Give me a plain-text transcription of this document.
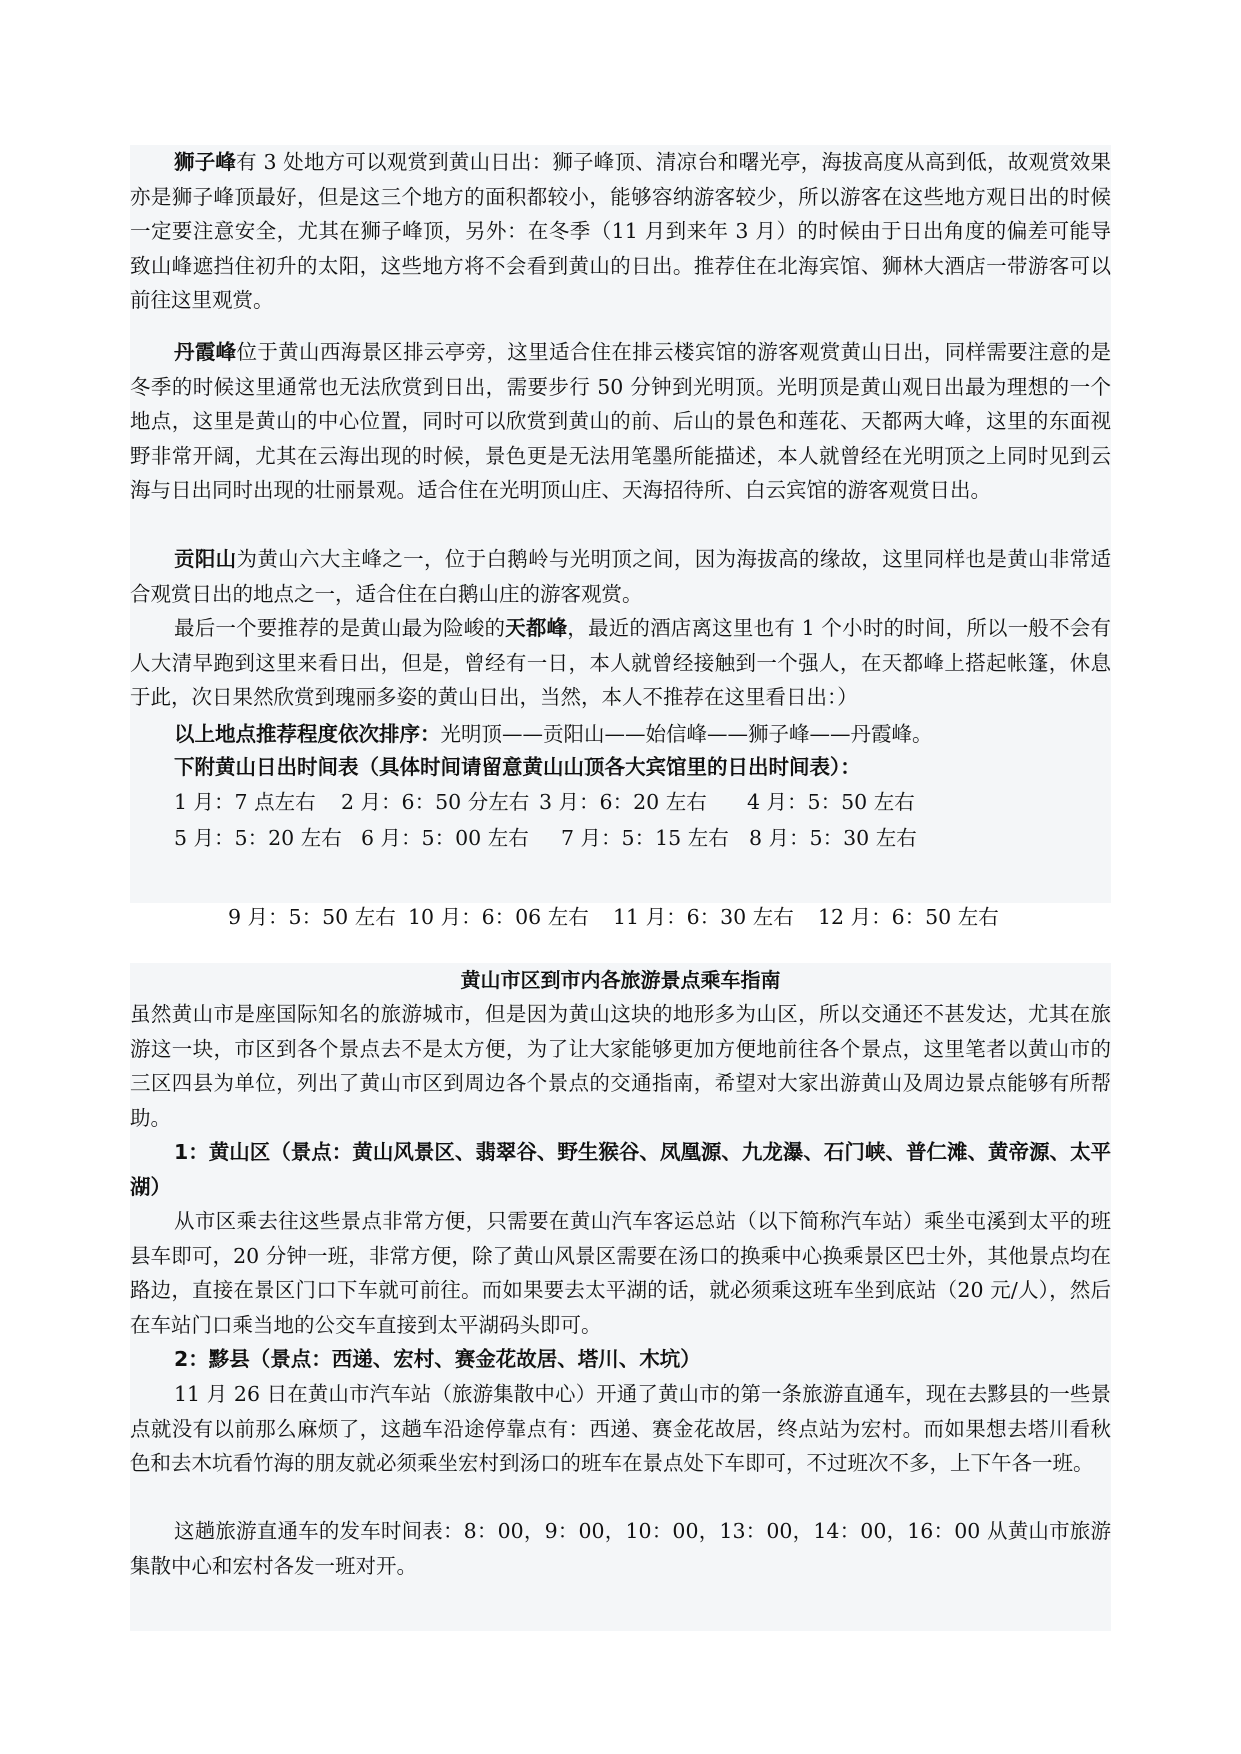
狮子峰有 3 处地方可以观赏到黄山日出：狮子峰顶、清凉台和曙光亭，海拔高度从高到低，故观赏效果亦是狮子峰顶最好，但是这三个地方的面积都较小，能够容纳游客较少，所以游客在这些地方观日出的时候一定要注意安全，尤其在狮子峰顶，另外：在冬季（11 月到来年 3 月）的时候由于日出角度的偏差可能导致山峰遮挡住初升的太阳，这些地方将不会看到黄山的日出。推荐住在北海宾馆、狮林大酒店一带游客可以前往这里观赏。

丹霞峰位于黄山西海景区排云亭旁，这里适合住在排云楼宾馆的游客观赏黄山日出，同样需要注意的是冬季的时候这里通常也无法欣赏到日出，需要步行 50 分钟到光明顶。光明顶是黄山观日出最为理想的一个地点，这里是黄山的中心位置，同时可以欣赏到黄山的前、后山的景色和莲花、天都两大峰，这里的东面视野非常开阔，尤其在云海出现的时候，景色更是无法用笔墨所能描述，本人就曾经在光明顶之上同时见到云海与日出同时出现的壮丽景观。适合住在光明顶山庄、天海招待所、白云宾馆的游客观赏日出。

贡阳山为黄山六大主峰之一，位于白鹅岭与光明顶之间，因为海拔高的缘故，这里同样也是黄山非常适合观赏日出的地点之一，适合住在白鹅山庄的游客观赏。

最后一个要推荐的是黄山最为险峻的天都峰，最近的酒店离这里也有 1 个小时的时间，所以一般不会有人大清早跑到这里来看日出，但是，曾经有一日，本人就曾经接触到一个强人，在天都峰上搭起帐篷，休息于此，次日果然欣赏到瑰丽多姿的黄山日出，当然，本人不推荐在这里看日出：）

以上地点推荐程度依次排序：光明顶——贡阳山——始信峰——狮子峰——丹霞峰。

下附黄山日出时间表（具体时间请留意黄山山顶各大宾馆里的日出时间表）：

1 月：7 点左右 2 月：6：50 分左右 3 月：6：20 左右 4 月：5：50 左右
5 月：5：20 左右 6 月：5：00 左右 7 月：5：15 左右 8 月：5：30 左右
9 月：5：50 左右 10 月：6：06 左右 11 月：6：30 左右 12 月：6：50 左右
黄山市区到市内各旅游景点乘车指南

虽然黄山市是座国际知名的旅游城市，但是因为黄山这块的地形多为山区，所以交通还不甚发达，尤其在旅游这一块，市区到各个景点去不是太方便，为了让大家能够更加方便地前往各个景点，这里笔者以黄山市的三区四县为单位，列出了黄山市区到周边各个景点的交通指南，希望对大家出游黄山及周边景点能够有所帮助。

1：黄山区（景点：黄山风景区、翡翠谷、野生猴谷、凤凰源、九龙瀑、石门峡、普仁滩、黄帝源、太平湖）

从市区乘去往这些景点非常方便，只需要在黄山汽车客运总站（以下简称汽车站）乘坐屯溪到太平的班县车即可，20 分钟一班，非常方便，除了黄山风景区需要在汤口的换乘中心换乘景区巴士外，其他景点均在路边，直接在景区门口下车就可前往。而如果要去太平湖的话，就必须乘这班车坐到底站（20 元/人），然后在车站门口乘当地的公交车直接到太平湖码头即可。

2：黟县（景点：西递、宏村、赛金花故居、塔川、木坑）

11 月 26 日在黄山市汽车站（旅游集散中心）开通了黄山市的第一条旅游直通车，现在去黟县的一些景点就没有以前那么麻烦了，这趟车沿途停靠点有：西递、赛金花故居，终点站为宏村。而如果想去塔川看秋色和去木坑看竹海的朋友就必须乘坐宏村到汤口的班车在景点处下车即可，不过班次不多，上下午各一班。

这趟旅游直通车的发车时间表：8：00，9：00，10：00，13：00，14：00，16：00 从黄山市旅游集散中心和宏村各发一班对开。
